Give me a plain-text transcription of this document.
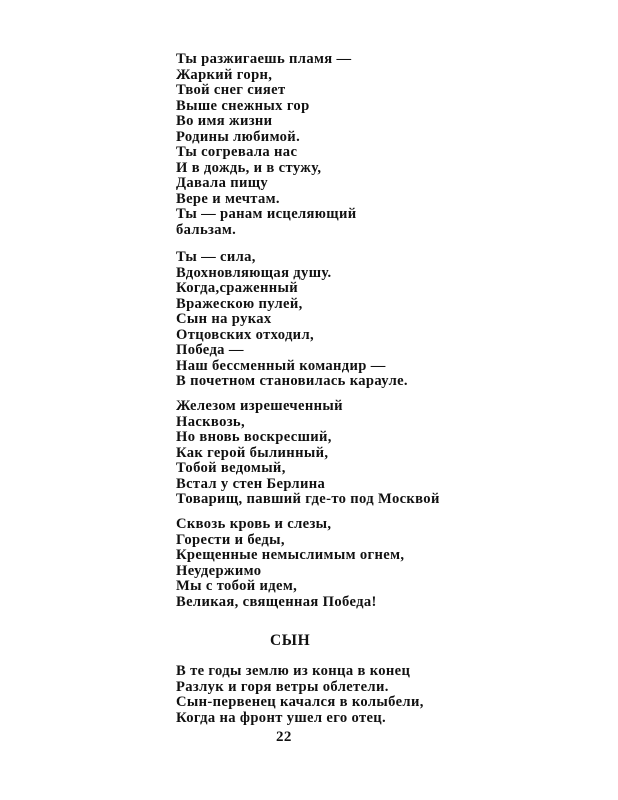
Ты разжигаешь пламя —
Жаркий горн,
Твой снег сияет
Выше снежных гор
Во имя жизни
Родины любимой.
Ты согревала нас
И в дождь, и в стужу,
Давала пищу
Вере и мечтам.
Ты — ранам исцеляющий
бальзам.
Ты — сила,
Вдохновляющая душу.
Когда,сраженный
Вражескою пулей,
Сын на руках
Отцовских отходил,
Победа —
Наш бессменный командир —
В почетном становилась карауле.
Железом изрешеченный
Насквозь,
Но вновь воскресший,
Как герой былинный,
Тобой ведомый,
Встал у стен Берлина
Товарищ, павший где-то под Москвой
Сквозь кровь и слезы,
Горести и беды,
Крещенные немыслимым огнем,
Неудержимо
Мы с тобой идем,
Великая, священная Победа!
СЫН
В те годы землю из конца в конец
Разлук и горя ветры облетели.
Сын-первенец качался в колыбели,
Когда на фронт ушел его отец.
22
